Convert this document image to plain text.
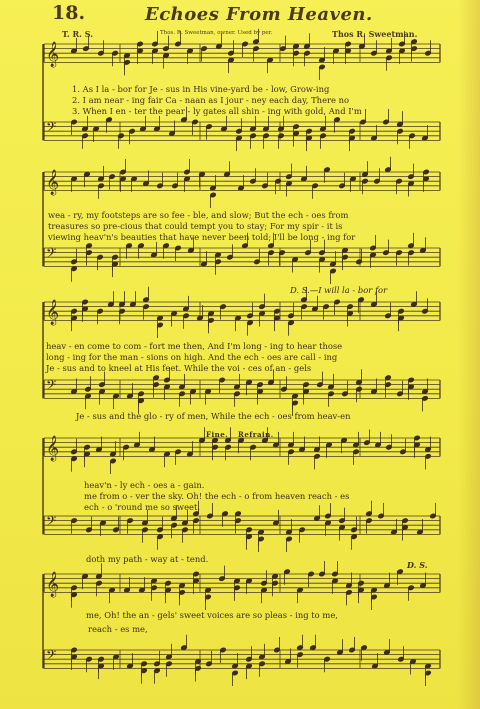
18.	Echoes From Heaven.
T. R. S.	Thos. R. Sweetman, owner. Used by per.	Thos R. Sweetman.
𝄞
𝄢
𝄞
𝄢
𝄞
𝄢
𝄞
𝄢
𝄞
𝄢
1. As I la - bor for Je - sus in His vine-yard be - low, Grow-ing
2. I am near - ing fair Ca - naan as I jour - ney each day, There no
3. When I en - ter the pear - ly gates all shin - ing with gold, And I'm
wea - ry, my footsteps are so fee - ble, and slow; But the ech - oes from
treasures so pre-cious that could tempt you to stay; For my spir - it is
viewing heav'n's beauties that have never been told; I'll be long - ing for
D. S.—I will la - bor for
heav - en come to com - fort me then, And I'm long - ing to hear those
long - ing for the man - sions on high. And the ech - oes are call - ing
Je - sus and to kneel at His feet. While the voi - ces of an - gels
Je - sus and the glo - ry of men, While the ech - oes from heav-en
Fine. Refrain.
heav'n - ly ech - oes a - gain.
me from o - ver the sky. Oh! the ech - o from heaven reach - es
ech - o 'round me so sweet.
doth my path - way at - tend.
D. S.
me, Oh! the an - gels' sweet voices are so pleas - ing to me,
reach - es me,
